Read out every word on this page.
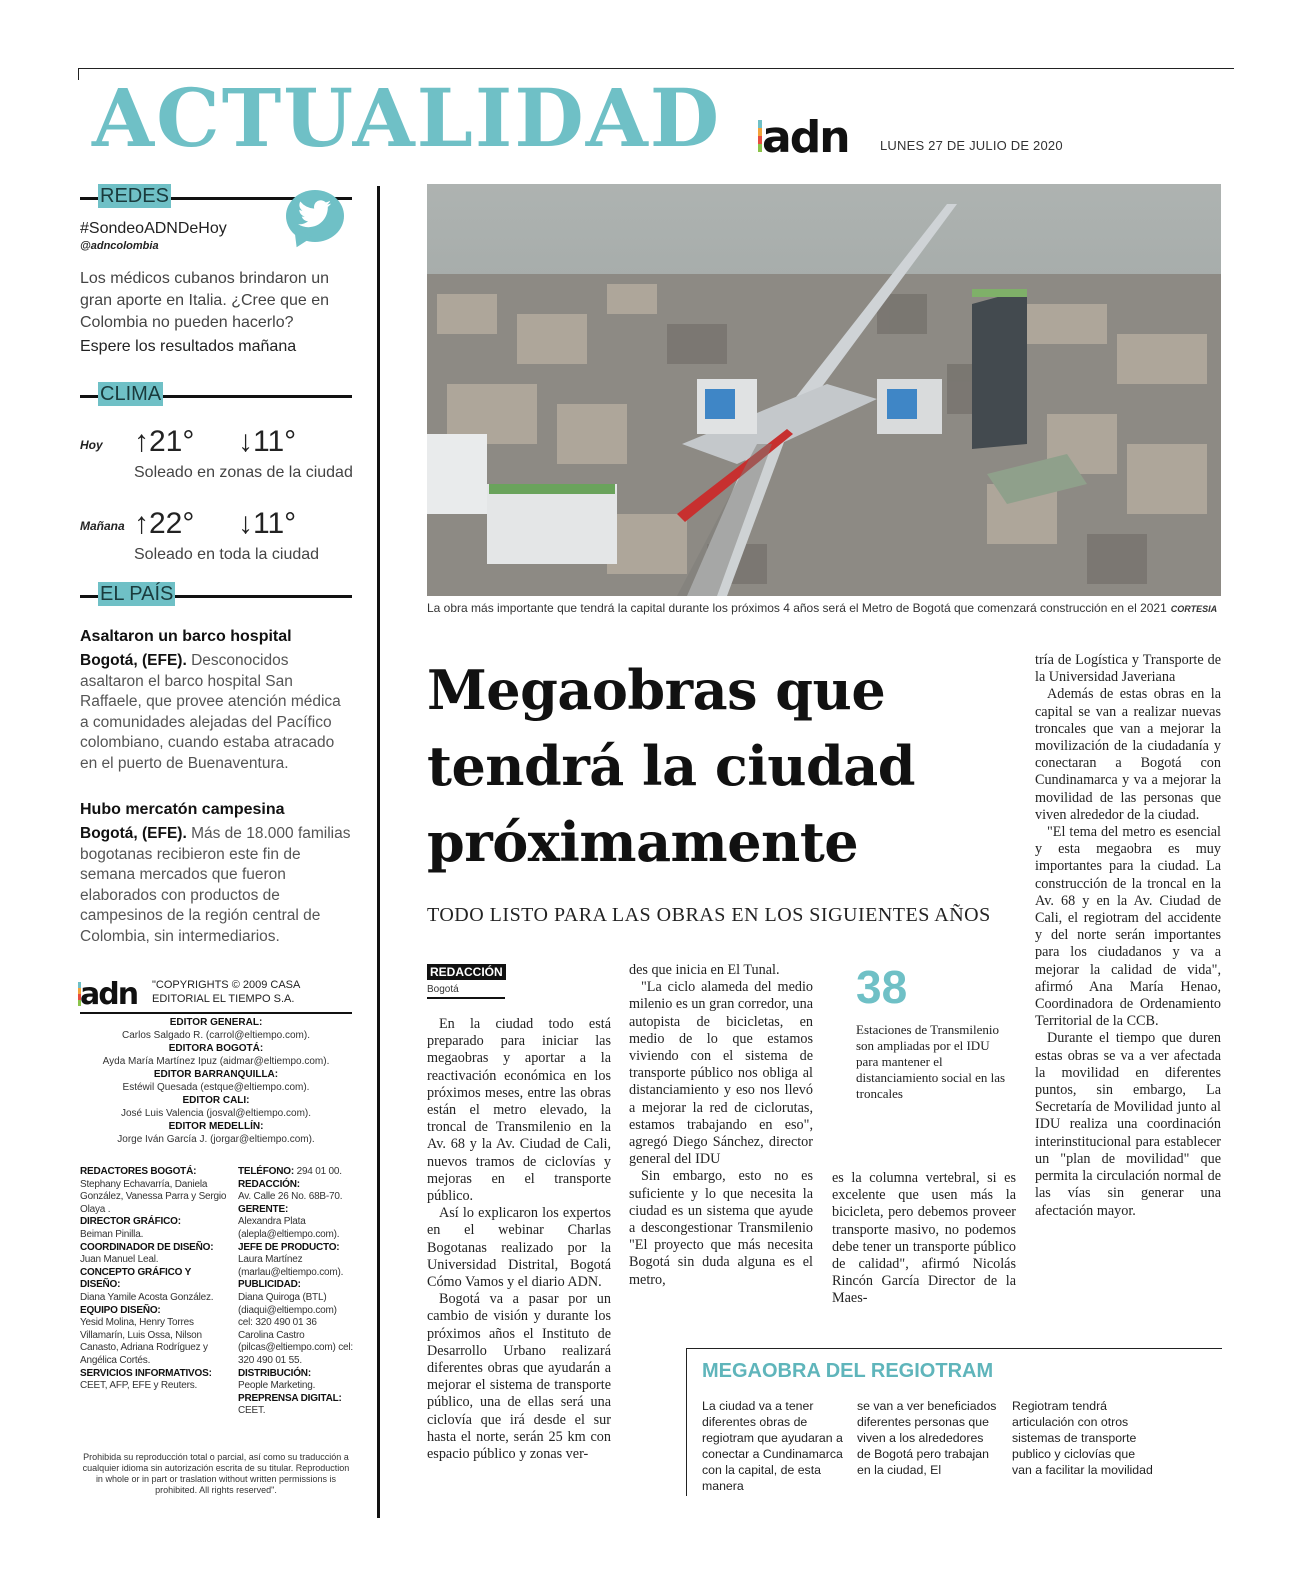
ACTUALIDAD adn LUNES 27 DE JULIO DE 2020
REDES
#SondeoADNDeHoy
@adncolombia
Los médicos cubanos brindaron un gran aporte en Italia. ¿Cree que en Colombia no pueden hacerlo?
Espere los resultados mañana
CLIMA
Hoy ↑21° ↓11°
Soleado en zonas de la ciudad
Mañana ↑22° ↓11°
Soleado en toda la ciudad
EL PAÍS
Asaltaron un barco hospital
Bogotá, (EFE). Desconocidos asaltaron el barco hospital San Raffaele, que provee atención médica a comunidades alejadas del Pacífico colombiano, cuando estaba atracado en el puerto de Buenaventura.
Hubo mercatón campesina
Bogotá, (EFE). Más de 18.000 familias bogotanas recibieron este fin de semana mercados que fueron elaborados con productos de campesinos de la región central de Colombia, sin intermediarios.
adn "COPYRIGHTS © 2009 CASA
EDITORIAL EL TIEMPO S.A.
EDITOR GENERAL:
Carlos Salgado R. (carrol@eltiempo.com).
EDITORA BOGOTÁ:
Ayda María Martínez Ipuz (aidmar@eltiempo.com).
EDITOR BARRANQUILLA:
Estéwil Quesada (estque@eltiempo.com).
EDITOR CALI:
José Luis Valencia (josval@eltiempo.com).
EDITOR MEDELLÍN:
Jorge Iván García J. (jorgar@eltiempo.com).
REDACTORES BOGOTÁ:
Stephany Echavarría, Daniela González, Vanessa Parra y Sergio Olaya .
DIRECTOR GRÁFICO:
Beiman Pinilla.
COORDINADOR DE DISEÑO:
Juan Manuel Leal.
CONCEPTO GRÁFICO Y DISEÑO:
Diana Yamile Acosta González.
EQUIPO DISEÑO:
Yesid Molina, Henry Torres Villamarín, Luis Ossa, Nilson Canasto, Adriana Rodríguez y Angélica Cortés.
SERVICIOS INFORMATIVOS:
CEET, AFP, EFE y Reuters.
TELÉFONO: 294 01 00.
REDACCIÓN:
Av. Calle 26 No. 68B-70.
GERENTE:
Alexandra Plata (alepla@eltiempo.com).
JEFE DE PRODUCTO:
Laura Martínez (marlau@eltiempo.com).
PUBLICIDAD:
Diana Quiroga (BTL) (diaqui@eltiempo.com) cel: 320 490 01 36 Carolina Castro (pilcas@eltiempo.com) cel: 320 490 01 55.
DISTRIBUCIÓN:
People Marketing.
PREPRENSA DIGITAL:
CEET.
Prohibida su reproducción total o parcial, así como su traducción a cualquier idioma sin autorización escrita de su titular. Reproduction in whole or in part or traslation without written permissions is prohibited. All rights reserved".
La obra más importante que tendrá la capital durante los próximos 4 años será el Metro de Bogotá que comenzará construcción en el 2021 CORTESIA
Megaobras que tendrá la ciudad próximamente
TODO LISTO PARA LAS OBRAS EN LOS SIGUIENTES AÑOS
REDACCIÓN
Bogotá

En la ciudad todo está preparado para iniciar las megaobras y aportar a la reactivación económica en los próximos meses, entre las obras están el metro elevado, la troncal de Transmilenio en la Av. 68 y la Av. Ciudad de Cali, nuevos tramos de ciclovías y mejoras en el transporte público.

Así lo explicaron los expertos en el webinar Charlas Bogotanas realizado por la Universidad Distrital, Bogotá Cómo Vamos y el diario ADN.

Bogotá va a pasar por un cambio de visión y durante los próximos años el Instituto de Desarrollo Urbano realizará diferentes obras que ayudarán a mejorar el sistema de transporte público, una de ellas será una ciclovía que irá desde el sur hasta el norte, serán 25 km con espacio público y zonas ver-

des que inicia en El Tunal.

"La ciclo alameda del medio milenio es un gran corredor, una autopista de bicicletas, en medio de lo que estamos viviendo con el sistema de transporte público nos obliga al distanciamiento y eso nos llevó a mejorar la red de ciclorutas, estamos trabajando en eso", agregó Diego Sánchez, director general del IDU

Sin embargo, esto no es suficiente y lo que necesita la ciudad es un sistema que ayude a descongestionar Transmilenio "El proyecto que más necesita Bogotá sin duda alguna es el metro,

38
Estaciones de Transmilenio son ampliadas por el IDU para mantener el distanciamiento social en las troncales

es la columna vertebral, si es excelente que usen más la bicicleta, pero debemos proveer transporte masivo, no podemos debe tener un transporte público de calidad", afirmó Nicolás Rincón García Director de la Maes-

tría de Logística y Transporte de la Universidad Javeriana

Además de estas obras en la capital se van a realizar nuevas troncales que van a mejorar la movilización de la ciudadanía y conectaran a Bogotá con Cundinamarca y va a mejorar la movilidad de las personas que viven alrededor de la ciudad.

"El tema del metro es esencial y esta megaobra es muy importantes para la ciudad. La construcción de la troncal en la Av. 68 y en la Av. Ciudad de Cali, el regiotram del accidente y del norte serán importantes para los ciudadanos y va a mejorar la calidad de vida", afirmó Ana María Henao, Coordinadora de Ordenamiento Territorial de la CCB.

Durante el tiempo que duren estas obras se va a ver afectada la movilidad en diferentes puntos, sin embargo, La Secretaría de Movilidad junto al IDU realiza una coordinación interinstitucional para establecer un "plan de movilidad" que permita la circulación normal de las vías sin generar una afectación mayor.

MEGAOBRA DEL REGIOTRAM
La ciudad va a tener diferentes obras de regiotram que ayudaran a conectar a Cundinamarca con la capital, de esta manera
se van a ver beneficiados diferentes personas que viven a los alrededores de Bogotá pero trabajan en la ciudad, El
Regiotram tendrá articulación con otros sistemas de transporte publico y ciclovías que van a facilitar la movilidad
